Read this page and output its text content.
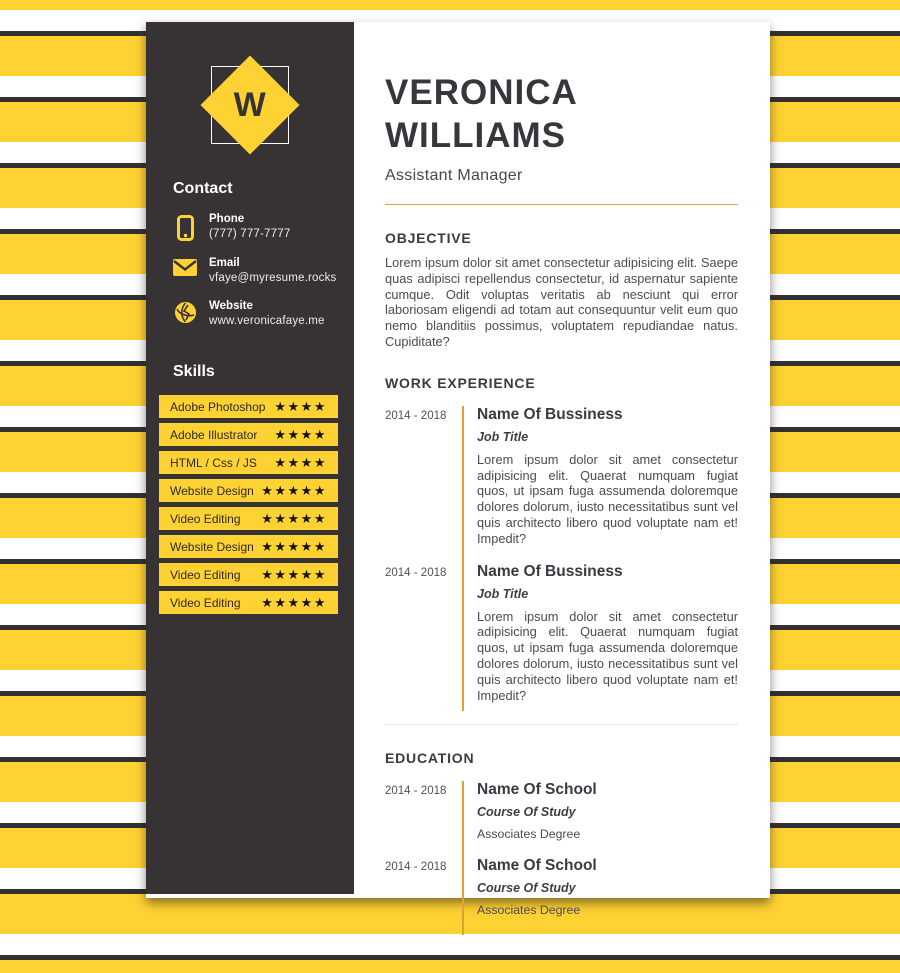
W
Contact
Phone
(777) 777-7777
Email
vfaye@myresume.rocks
Website
www.veronicafaye.me
Skills
Adobe Photoshop ★★★★
Adobe Illustrator ★★★★
HTML / Css / JS ★★★★
Website Design ★★★★★
Video Editing ★★★★★
Website Design ★★★★★
Video Editing ★★★★★
Video Editing ★★★★★
VERONICA
WILLIAMS
Assistant Manager
OBJECTIVE

Lorem ipsum dolor sit amet consectetur adipisicing elit. Saepe quas adipisci repellendus consectetur, id aspernatur sapiente cumque. Odit voluptas veritatis ab nesciunt qui error laboriosam eligendi ad totam aut consequuntur velit eum quo nemo blanditiis possimus, voluptatem repudiandae natus. Cupiditate?

WORK EXPERIENCE
2014 - 2018	Name Of Bussiness
Job Title

Lorem ipsum dolor sit amet consectetur adipisicing elit. Quaerat numquam fugiat quos, ut ipsam fuga assumenda doloremque dolores dolorum, iusto necessitatibus sunt vel quis architecto libero quod voluptate nam et! Impedit?

2014 - 2018	Name Of Bussiness
Job Title

Lorem ipsum dolor sit amet consectetur adipisicing elit. Quaerat numquam fugiat quos, ut ipsam fuga assumenda doloremque dolores dolorum, iusto necessitatibus sunt vel quis architecto libero quod voluptate nam et! Impedit?

EDUCATION
2014 - 2018	Name Of School
Course Of Study
Associates Degree
2014 - 2018	Name Of School
Course Of Study
Associates Degree
